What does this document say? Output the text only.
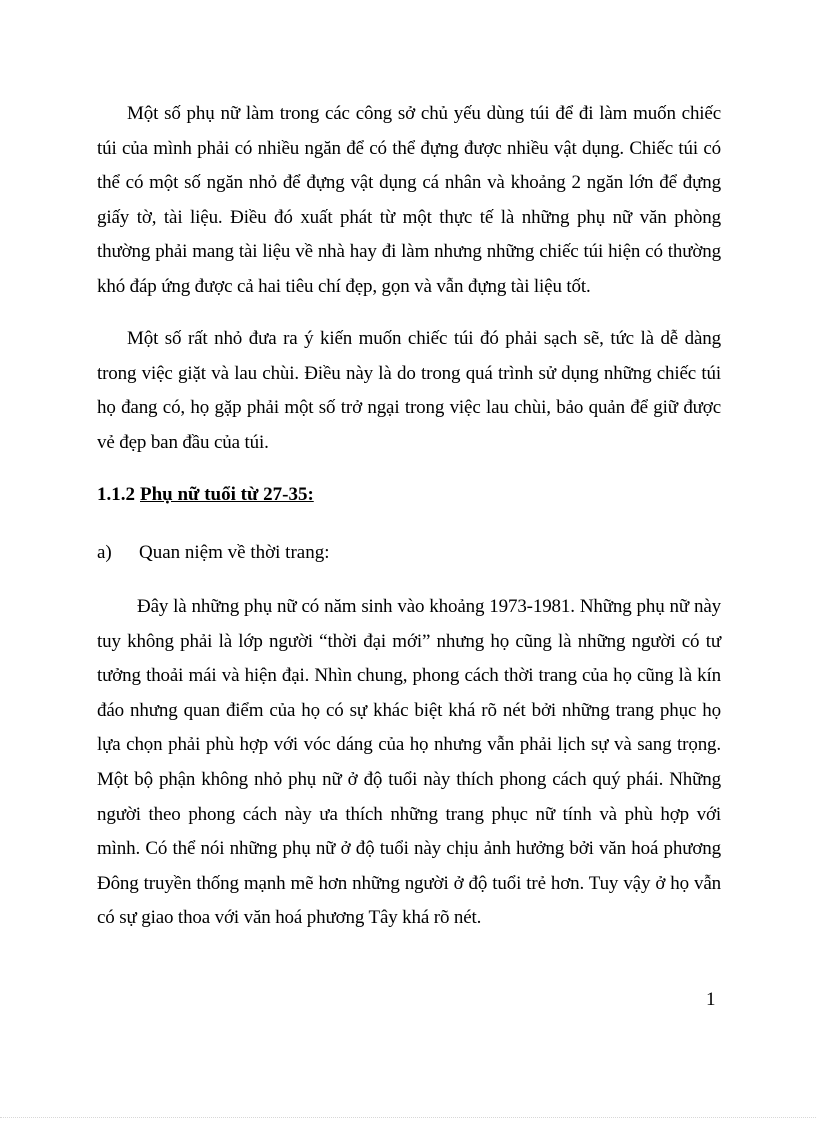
Một số phụ nữ làm trong các công sở chủ yếu dùng túi để đi làm muốn chiếc túi của mình phải có nhiều ngăn để có thể đựng được nhiều vật dụng. Chiếc túi có thể có một số ngăn nhỏ để đựng vật dụng cá nhân và khoảng 2 ngăn lớn để đựng giấy tờ, tài liệu. Điều đó xuất phát từ một thực tế là những phụ nữ văn phòng thường phải mang tài liệu về nhà hay đi làm nhưng những chiếc túi hiện có thường khó đáp ứng được cả hai tiêu chí đẹp, gọn và vẫn đựng tài liệu tốt.

Một số rất nhỏ đưa ra ý kiến muốn chiếc túi đó phải sạch sẽ, tức là dễ dàng trong việc giặt và lau chùi. Điều này là do trong quá trình sử dụng những chiếc túi họ đang có, họ gặp phải một số trở ngại trong việc lau chùi, bảo quản để giữ được vẻ đẹp ban đầu của túi.

1.1.2 Phụ nữ tuổi từ 27-35:

a) Quan niệm về thời trang:

Đây là những phụ nữ có năm sinh vào khoảng 1973-1981. Những phụ nữ này tuy không phải là lớp người “thời đại mới” nhưng họ cũng là những người có tư tưởng thoải mái và hiện đại. Nhìn chung, phong cách thời trang của họ cũng là kín đáo nhưng quan điểm của họ có sự khác biệt khá rõ nét bởi những trang phục họ lựa chọn phải phù hợp với vóc dáng của họ nhưng vẫn phải lịch sự và sang trọng. Một bộ phận không nhỏ phụ nữ ở độ tuổi này thích phong cách quý phái. Những người theo phong cách này ưa thích những trang phục nữ tính và phù hợp với mình. Có thể nói những phụ nữ ở độ tuổi này chịu ảnh hưởng bởi văn hoá phương Đông truyền thống mạnh mẽ hơn những người ở độ tuổi trẻ hơn. Tuy vậy ở họ vẫn có sự giao thoa với văn hoá phương Tây khá rõ nét.

1
